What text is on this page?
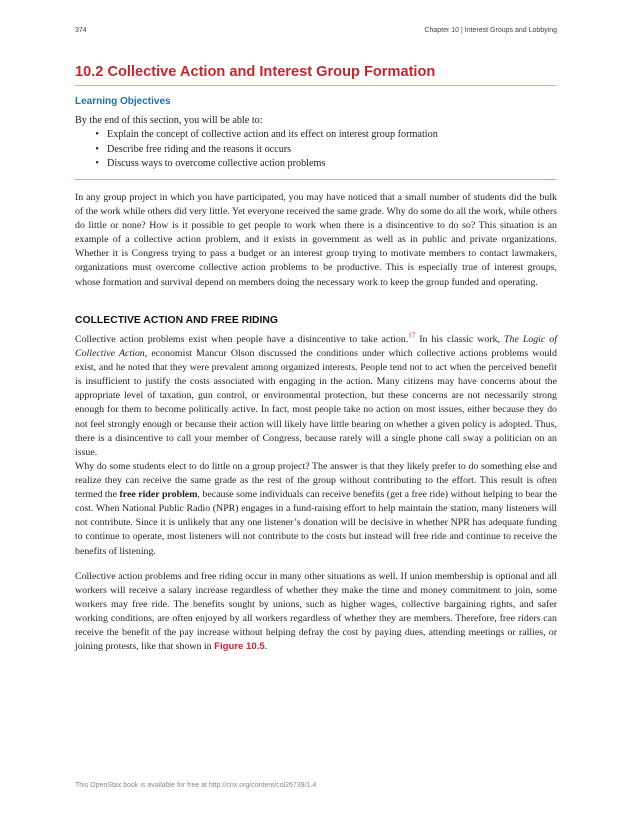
374	Chapter 10 | Interest Groups and Lobbying
10.2 Collective Action and Interest Group Formation
Learning Objectives

By the end of this section, you will be able to:

• Explain the concept of collective action and its effect on interest group formation
• Describe free riding and the reasons it occurs
• Discuss ways to overcome collective action problems

In any group project in which you have participated, you may have noticed that a small number of students did the bulk of the work while others did very little. Yet everyone received the same grade. Why do some do all the work, while others do little or none? How is it possible to get people to work when there is a disincentive to do so? This situation is an example of a collective action problem, and it exists in government as well as in public and private organizations. Whether it is Congress trying to pass a budget or an interest group trying to motivate members to contact lawmakers, organizations must overcome collective action problems to be productive. This is especially true of interest groups, whose formation and survival depend on members doing the necessary work to keep the group funded and operating.

COLLECTIVE ACTION AND FREE RIDING

Collective action problems exist when people have a disincentive to take action.$^{17}$ In his classic work, The Logic of Collective Action, economist Mancur Olson discussed the conditions under which collective actions problems would exist, and he noted that they were prevalent among organized interests. People tend not to act when the perceived benefit is insufficient to justify the costs associated with engaging in the action. Many citizens may have concerns about the appropriate level of taxation, gun control, or environmental protection, but these concerns are not necessarily strong enough for them to become politically active. In fact, most people take no action on most issues, either because they do not feel strongly enough or because their action will likely have little bearing on whether a given policy is adopted. Thus, there is a disincentive to call your member of Congress, because rarely will a single phone call sway a politician on an issue.

Why do some students elect to do little on a group project? The answer is that they likely prefer to do something else and realize they can receive the same grade as the rest of the group without contributing to the effort. This result is often termed the free rider problem, because some individuals can receive benefits (get a free ride) without helping to bear the cost. When National Public Radio (NPR) engages in a fund-raising effort to help maintain the station, many listeners will not contribute. Since it is unlikely that any one listener’s donation will be decisive in whether NPR has adequate funding to continue to operate, most listeners will not contribute to the costs but instead will free ride and continue to receive the benefits of listening.

Collective action problems and free riding occur in many other situations as well. If union membership is optional and all workers will receive a salary increase regardless of whether they make the time and money commitment to join, some workers may free ride. The benefits sought by unions, such as higher wages, collective bargaining rights, and safer working conditions, are often enjoyed by all workers regardless of whether they are members. Therefore, free riders can receive the benefit of the pay increase without helping defray the cost by paying dues, attending meetings or rallies, or joining protests, like that shown in Figure 10.5.

This OpenStax book is available for free at http://cnx.org/content/col26739/1.4
